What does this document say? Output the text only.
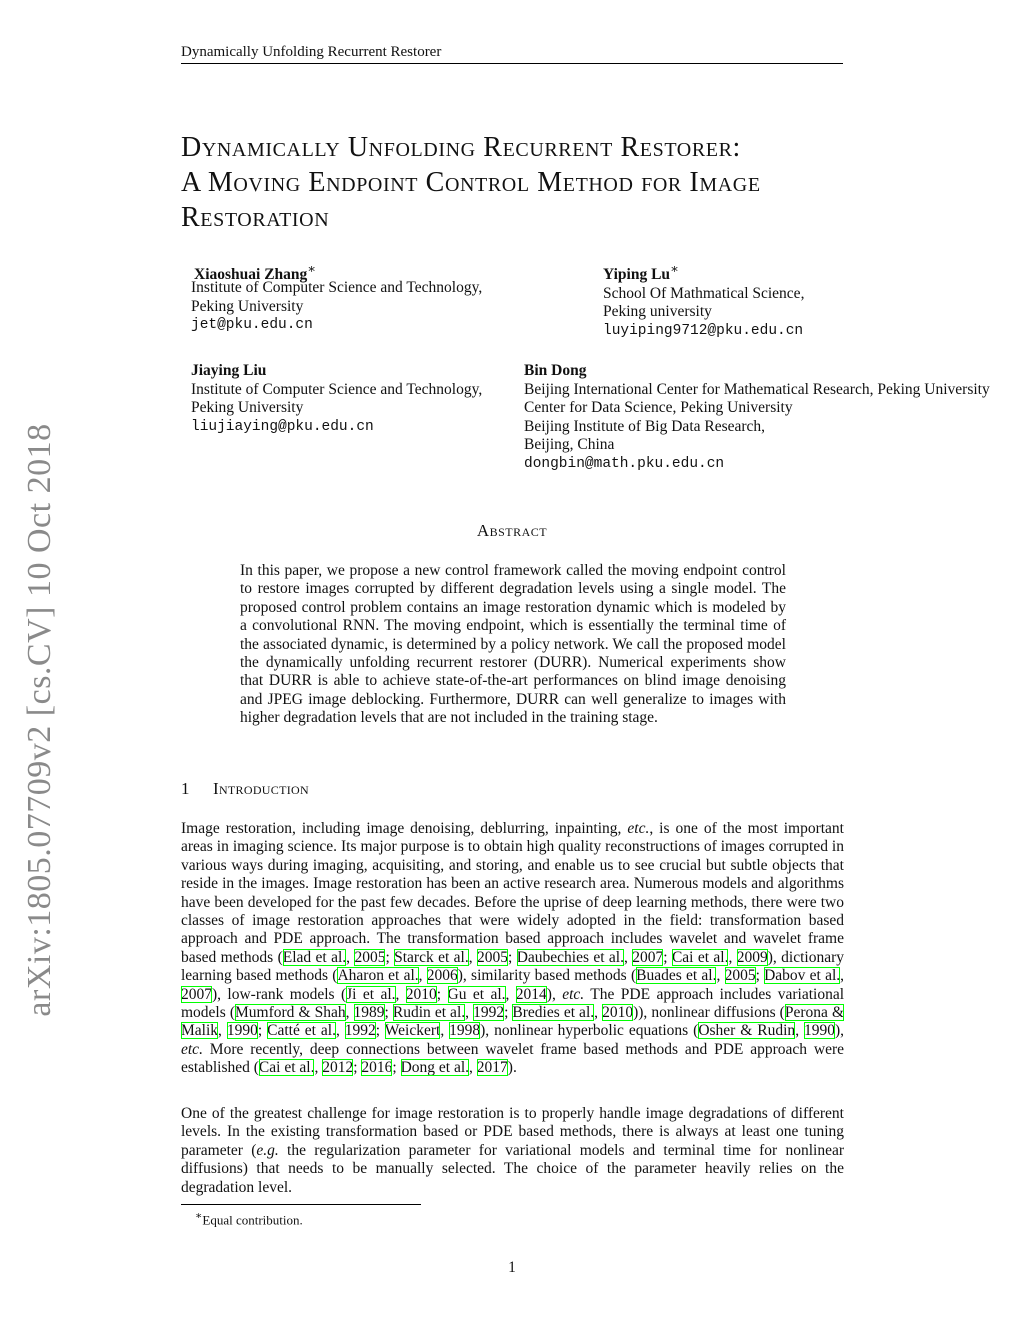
Dynamically Unfolding Recurrent Restorer
arXiv:1805.07709v2 [cs.CV] 10 Oct 2018
Dynamically Unfolding Recurrent Restorer:
A Moving Endpoint Control Method for Image
Restoration
Xiaoshuai Zhang∗
Institute of Computer Science and Technology,
Peking University
jet@pku.edu.cn
Yiping Lu∗
School Of Mathmatical Science,
Peking university
luyiping9712@pku.edu.cn
Jiaying Liu
Institute of Computer Science and Technology,
Peking University
liujiaying@pku.edu.cn
Bin Dong
Beijing International Center for Mathematical Research, Peking University
Center for Data Science, Peking University
Beijing Institute of Big Data Research,
Beijing, China
dongbin@math.pku.edu.cn
Abstract
In this paper, we propose a new control framework called the moving endpoint control to restore images corrupted by different degradation levels using a single model. The proposed control problem contains an image restoration dynamic which is modeled by a convolutional RNN. The moving endpoint, which is essentially the terminal time of the associated dynamic, is determined by a policy network. We call the proposed model the dynamically unfolding recurrent restorer (DURR). Numerical experiments show that DURR is able to achieve state-of-the-art performances on blind image denoising and JPEG image deblocking. Furthermore, DURR can well generalize to images with higher degradation levels that are not included in the training stage.
1 Introduction
Image restoration, including image denoising, deblurring, inpainting, etc., is one of the most important areas in imaging science. Its major purpose is to obtain high quality reconstructions of images corrupted in various ways during imaging, acquisiting, and storing, and enable us to see crucial but subtle objects that reside in the images. Image restoration has been an active research area. Numerous models and algorithms have been developed for the past few decades. Before the uprise of deep learning methods, there were two classes of image restoration approaches that were widely adopted in the field: transformation based approach and PDE approach. The transformation based approach includes wavelet and wavelet frame based methods (Elad et al., 2005; Starck et al., 2005; Daubechies et al., 2007; Cai et al., 2009), dictionary learning based methods (Aharon et al., 2006), similarity based methods (Buades et al., 2005; Dabov et al., 2007), low-rank models (Ji et al., 2010; Gu et al., 2014), etc. The PDE approach includes variational models (Mumford & Shah, 1989; Rudin et al., 1992; Bredies et al., 2010)), nonlinear diffusions (Perona & Malik, 1990; Catté et al., 1992; Weickert, 1998), nonlinear hyperbolic equations (Osher & Rudin, 1990), etc. More recently, deep connections between wavelet frame based methods and PDE approach were established (Cai et al., 2012; 2016; Dong et al., 2017).
One of the greatest challenge for image restoration is to properly handle image degradations of different levels. In the existing transformation based or PDE based methods, there is always at least one tuning parameter (e.g. the regularization parameter for variational models and terminal time for nonlinear diffusions) that needs to be manually selected. The choice of the parameter heavily relies on the degradation level.
∗Equal contribution.
1
